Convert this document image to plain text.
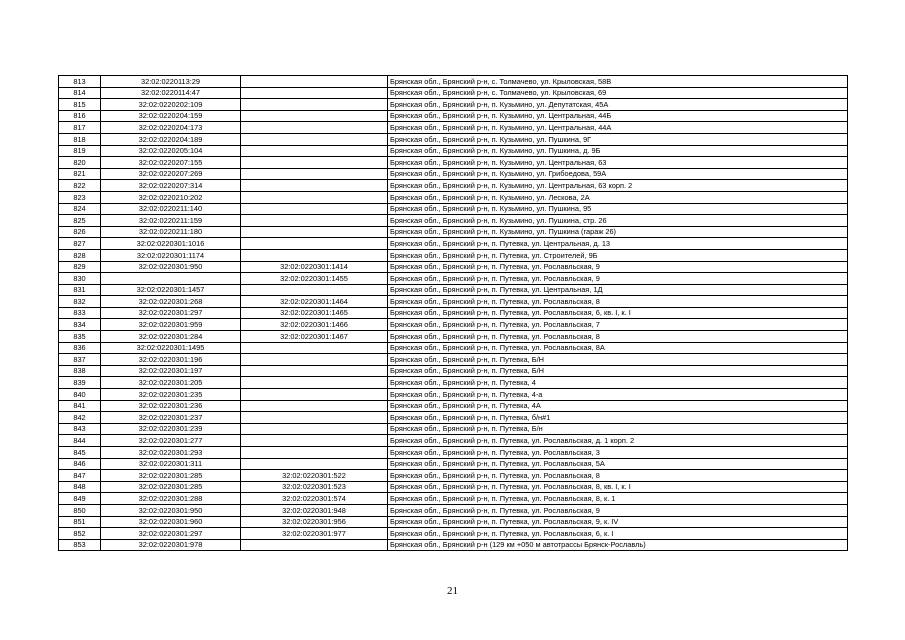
813	32:02:0220113:29		Брянская обл., Брянский р-н, с. Толмачево, ул. Крыловская, 58В
814	32:02:0220114:47		Брянская обл., Брянский р-н, с. Толмачево, ул. Крыловская, 69
815	32:02:0220202:109		Брянская обл., Брянский р-н, п. Кузьмино, ул. Депутатская, 45А
816	32:02:0220204:159		Брянская обл., Брянский р-н, п. Кузьмино, ул. Центральная, 44Б
817	32:02:0220204:173		Брянская обл., Брянский р-н, п. Кузьмино, ул. Центральная, 44А
818	32:02:0220204:189		Брянская обл., Брянский р-н, п. Кузьмино, ул. Пушкина, 9Г
819	32:02:0220205:104		Брянская обл., Брянский р-н, п. Кузьмино, ул. Пушкина, д. 9Б
820	32:02:0220207:155		Брянская обл., Брянский р-н, п. Кузьмино, ул. Центральная, 63
821	32:02:0220207:269		Брянская обл., Брянский р-н, п. Кузьмино, ул. Грибоедова, 59А
822	32:02:0220207:314		Брянская обл., Брянский р-н, п. Кузьмино, ул. Центральная, 63 корп. 2
823	32:02:0220210:202		Брянская обл., Брянский р-н, п. Кузьмино, ул. Лескова, 2А
824	32:02:0220211:140		Брянская обл., Брянский р-н, п. Кузьмино, ул. Пушкина, 95
825	32:02:0220211:159		Брянская обл., Брянский р-н, п. Кузьмино, ул. Пушкина, стр. 26
826	32:02:0220211:180		Брянская обл., Брянский р-н, п. Кузьмино, ул. Пушкина (гараж 26)
827	32:02:0220301:1016		Брянская обл., Брянский р-н, п. Путевка, ул. Центральная, д. 13
828	32:02:0220301:1174		Брянская обл., Брянский р-н, п. Путевка, ул. Строителей, 9Б
829	32:02:0220301:950	32:02:0220301:1414	Брянская обл., Брянский р-н, п. Путевка, ул. Рославльская, 9
830		32:02:0220301:1455	Брянская обл., Брянский р-н, п. Путевка, ул. Рославльская, 9
831	32:02:0220301:1457		Брянская обл., Брянский р-н, п. Путевка, ул. Центральная, 1Д
832	32:02:0220301:268	32:02:0220301:1464	Брянская обл., Брянский р-н, п. Путевка, ул. Рославльская, 8
833	32:02:0220301:297	32:02:0220301:1465	Брянская обл., Брянский р-н, п. Путевка, ул. Рославльская, 6, кв. I, к. I
834	32:02:0220301:959	32:02:0220301:1466	Брянская обл., Брянский р-н, п. Путевка, ул. Рославльская, 7
835	32:02:0220301:284	32:02:0220301:1467	Брянская обл., Брянский р-н, п. Путевка, ул. Рославльская, 8
836	32:02:0220301:1495		Брянская обл., Брянский р-н, п. Путевка, ул. Рославльская, 8А
837	32:02:0220301:196		Брянская обл., Брянский р-н, п. Путевка, Б/Н
838	32:02:0220301:197		Брянская обл., Брянский р-н, п. Путевка, Б/Н
839	32:02:0220301:205		Брянская обл., Брянский р-н, п. Путевка, 4
840	32:02:0220301:235		Брянская обл., Брянский р-н, п. Путевка, 4-а
841	32:02:0220301:236		Брянская обл., Брянский р-н, п. Путевка, 4А
842	32:02:0220301:237		Брянская обл., Брянский р-н, п. Путевка, б/н#1
843	32:02:0220301:239		Брянская обл., Брянский р-н, п. Путевка, Б/н
844	32:02:0220301:277		Брянская обл., Брянский р-н, п. Путевка, ул. Рославльская, д. 1 корп. 2
845	32:02:0220301:293		Брянская обл., Брянский р-н, п. Путевка, ул. Рославльская, 3
846	32:02:0220301:311		Брянская обл., Брянский р-н, п. Путевка, ул. Рославльская, 5А
847	32:02:0220301:285	32:02:0220301:522	Брянская обл., Брянский р-н, п. Путевка, ул. Рославльская, 8
848	32:02:0220301:285	32:02:0220301:523	Брянская обл., Брянский р-н, п. Путевка, ул. Рославльская, 8, кв. I, к. I
849	32:02:0220301:288	32:02:0220301:574	Брянская обл., Брянский р-н, п. Путевка, ул. Рославльская, 8, к. 1
850	32:02:0220301:950	32:02:0220301:948	Брянская обл., Брянский р-н, п. Путевка, ул. Рославльская, 9
851	32:02:0220301:960	32:02:0220301:956	Брянская обл., Брянский р-н, п. Путевка, ул. Рославльская, 9, к. IV
852	32:02:0220301:297	32:02:0220301:977	Брянская обл., Брянский р-н, п. Путевка, ул. Рославльская, 6, к. I
853	32:02:0220301:978		Брянская обл., Брянский р-н (129 км +050 м автотрассы Брянск-Рославль)
21
